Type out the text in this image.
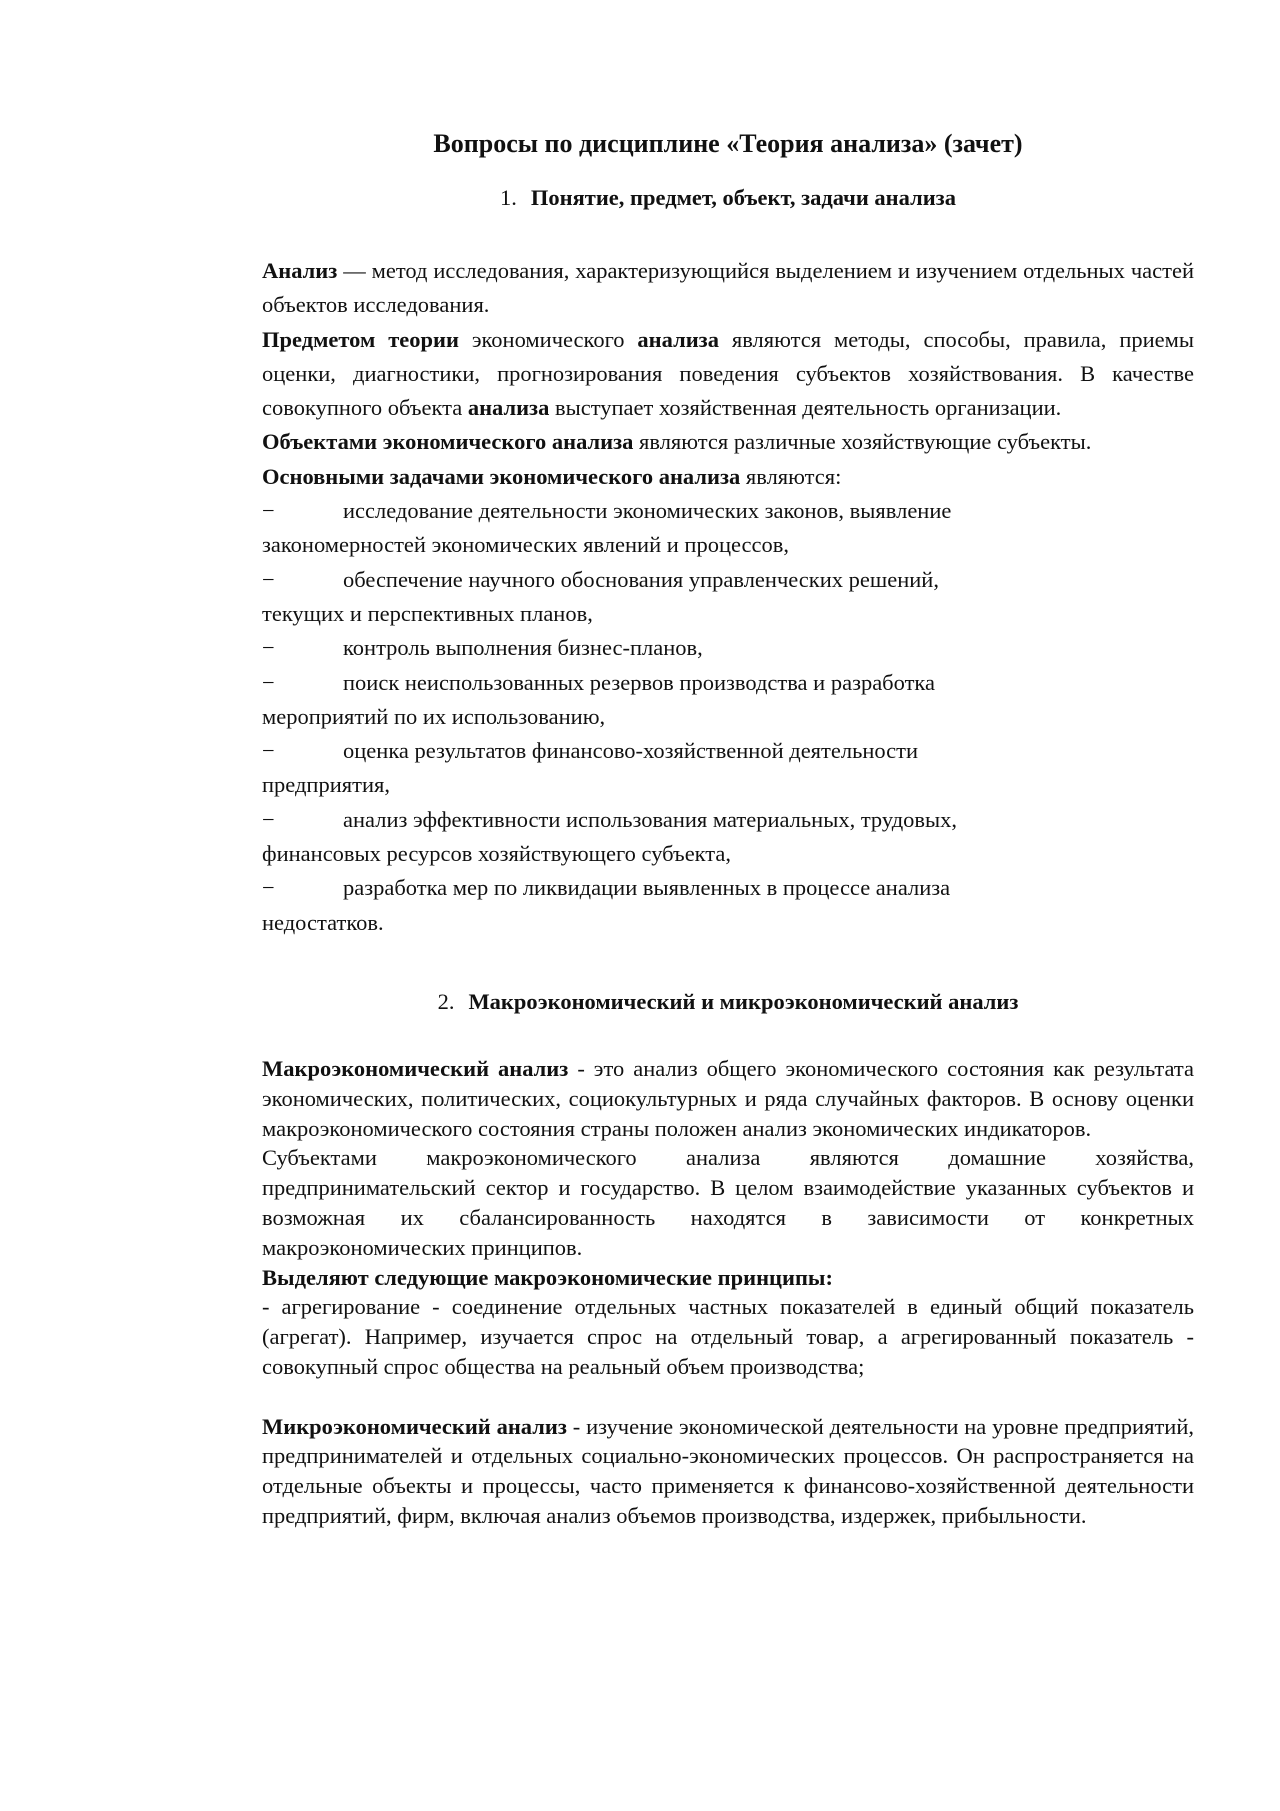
Вопросы по дисциплине «Теория анализа» (зачет)

1. Понятие, предмет, объект, задачи анализа

Анализ — метод исследования, характеризующийся выделением и изучением отдельных частей объектов исследования.

Предметом теории экономического анализа являются методы, способы, правила, приемы оценки, диагностики, прогнозирования поведения субъектов хозяйствования. В качестве совокупного объекта анализа выступает хозяйственная деятельность организации.

Объектами экономического анализа являются различные хозяйствующие субъекты.

Основными задачами экономического анализа являются:

−	исследование деятельности экономических законов, выявление
закономерностей экономических явлений и процессов,
−	обеспечение научного обоснования управленческих решений,
текущих и перспективных планов,
−	контроль выполнения бизнес-планов,
−	поиск неиспользованных резервов производства и разработка
мероприятий по их использованию,
−	оценка результатов финансово-хозяйственной деятельности
предприятия,
−	анализ эффективности использования материальных, трудовых,
финансовых ресурсов хозяйствующего субъекта,
−	разработка мер по ликвидации выявленных в процессе анализа
недостатков.

2. Макроэкономический и микроэкономический анализ

Макроэкономический анализ - это анализ общего экономического состояния как результата экономических, политических, социокультурных и ряда случайных факторов. В основу оценки макроэкономического состояния страны положен анализ экономических индикаторов.

Субъектами макроэкономического анализа являются домашние хозяйства, предпринимательский сектор и государство. В целом взаимодействие указанных субъектов и возможная их сбалансированность находятся в зависимости от конкретных макроэкономических принципов.

Выделяют следующие макроэкономические принципы:

- агрегирование - соединение отдельных частных показателей в единый общий показатель (агрегат). Например, изучается спрос на отдельный товар, а агрегированный показатель - совокупный спрос общества на реальный объем производства;

Микроэкономический анализ - изучение экономической деятельности на уровне предприятий, предпринимателей и отдельных социально-экономических процессов. Он распространяется на отдельные объекты и процессы, часто применяется к финансово-хозяйственной деятельности предприятий, фирм, включая анализ объемов производства, издержек, прибыльности.
